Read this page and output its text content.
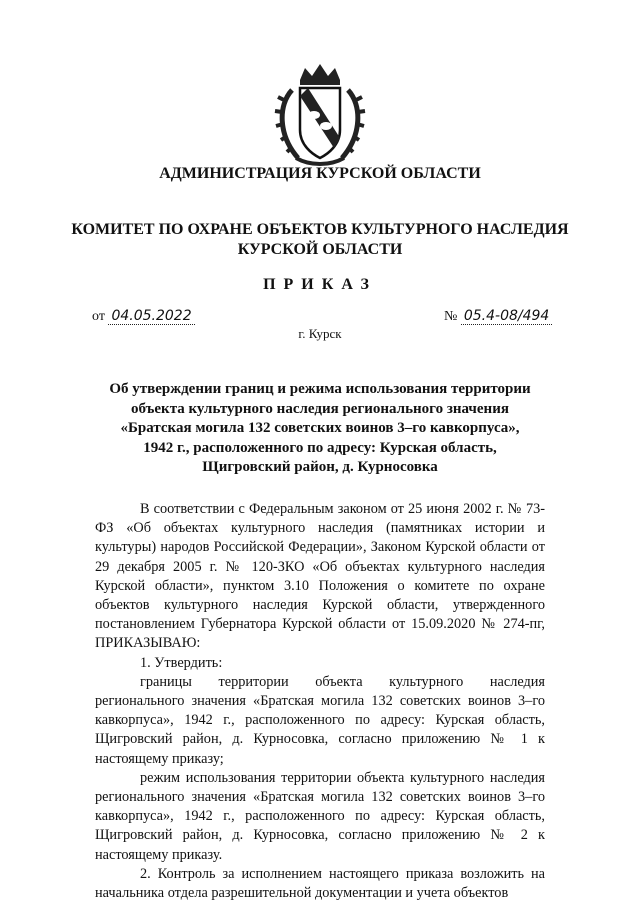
АДМИНИСТРАЦИЯ КУРСКОЙ ОБЛАСТИ
КОМИТЕТ ПО ОХРАНЕ ОБЪЕКТОВ КУЛЬТУРНОГО НАСЛЕДИЯ
КУРСКОЙ ОБЛАСТИ
ПРИКАЗ
от 04.05.2022	№ 05.4-08/494
г. Курск
Об утверждении границ и режима использования территории
объекта культурного наследия регионального значения
«Братская могила 132 советских воинов 3–го кавкорпуса»,
1942 г., расположенного по адресу: Курская область,
Щигровский район, д. Курносовка

В соответствии с Федеральным законом от 25 июня 2002 г. № 73-ФЗ «Об объектах культурного наследия (памятниках истории и культуры) народов Российской Федерации», Законом Курской области от 29 декабря 2005 г. № 120-ЗКО «Об объектах культурного наследия Курской области», пунктом 3.10 Положения о комитете по охране объектов культурного наследия Курской области, утвержденного постановлением Губернатора Курской области от 15.09.2020 № 274-пг, ПРИКАЗЫВАЮ:

1. Утвердить:

границы территории объекта культурного наследия регионального значения «Братская могила 132 советских воинов 3–го кавкорпуса», 1942 г., расположенного по адресу: Курская область, Щигровский район, д. Курносовка, согласно приложению № 1 к настоящему приказу;

режим использования территории объекта культурного наследия регионального значения «Братская могила 132 советских воинов 3–го кавкорпуса», 1942 г., расположенного по адресу: Курская область, Щигровский район, д. Курносовка, согласно приложению № 2 к настоящему приказу.

2. Контроль за исполнением настоящего приказа возложить на начальника отдела разрешительной документации и учета объектов
